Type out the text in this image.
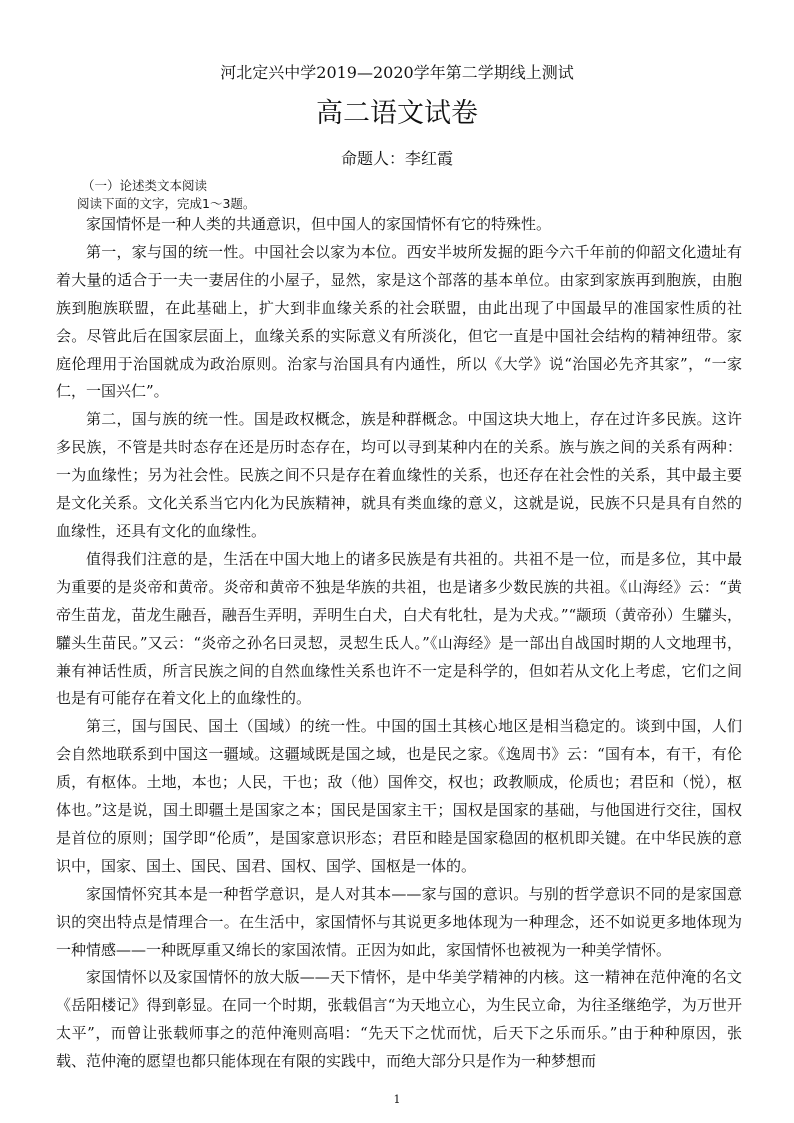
河北定兴中学2019—2020学年第二学期线上测试
高二语文试卷
命题人：李红霞
（一）论述类文本阅读
阅读下面的文字，完成1～3题。

家国情怀是一种人类的共通意识，但中国人的家国情怀有它的特殊性。

第一，家与国的统一性。中国社会以家为本位。西安半坡所发掘的距今六千年前的仰韶文化遗址有着大量的适合于一夫一妻居住的小屋子，显然，家是这个部落的基本单位。由家到家族再到胞族，由胞族到胞族联盟，在此基础上，扩大到非血缘关系的社会联盟，由此出现了中国最早的准国家性质的社会。尽管此后在国家层面上，血缘关系的实际意义有所淡化，但它一直是中国社会结构的精神纽带。家庭伦理用于治国就成为政治原则。治家与治国具有内通性，所以《大学》说“治国必先齐其家”，“一家仁，一国兴仁”。

第二，国与族的统一性。国是政权概念，族是种群概念。中国这块大地上，存在过许多民族。这许多民族，不管是共时态存在还是历时态存在，均可以寻到某种内在的关系。族与族之间的关系有两种：一为血缘性；另为社会性。民族之间不只是存在着血缘性的关系，也还存在社会性的关系，其中最主要是文化关系。文化关系当它内化为民族精神，就具有类血缘的意义，这就是说，民族不只是具有自然的血缘性，还具有文化的血缘性。

值得我们注意的是，生活在中国大地上的诸多民族是有共祖的。共祖不是一位，而是多位，其中最为重要的是炎帝和黄帝。炎帝和黄帝不独是华族的共祖，也是诸多少数民族的共祖。《山海经》云：“黄帝生苗龙，苗龙生融吾，融吾生弄明，弄明生白犬，白犬有牝牡，是为犬戎。”“颛顼（黄帝孙）生驩头，驩头生苗民。”又云：“炎帝之孙名曰灵恝，灵恝生氐人。”《山海经》是一部出自战国时期的人文地理书，兼有神话性质，所言民族之间的自然血缘性关系也许不一定是科学的，但如若从文化上考虑，它们之间也是有可能存在着文化上的血缘性的。

第三，国与国民、国土（国域）的统一性。中国的国土其核心地区是相当稳定的。谈到中国，人们会自然地联系到中国这一疆域。这疆域既是国之域，也是民之家。《逸周书》云：“国有本，有干，有伦质，有枢体。土地，本也；人民，干也；敌（他）国侔交，权也；政教顺成，伦质也；君臣和（悦），枢体也。”这是说，国土即疆土是国家之本；国民是国家主干；国权是国家的基础，与他国进行交往，国权是首位的原则；国学即“伦质”，是国家意识形态；君臣和睦是国家稳固的枢机即关键。在中华民族的意识中，国家、国土、国民、国君、国权、国学、国枢是一体的。

家国情怀究其本是一种哲学意识，是人对其本——家与国的意识。与别的哲学意识不同的是家国意识的突出特点是情理合一。在生活中，家国情怀与其说更多地体现为一种理念，还不如说更多地体现为一种情感——一种既厚重又绵长的家国浓情。正因为如此，家国情怀也被视为一种美学情怀。

家国情怀以及家国情怀的放大版——天下情怀，是中华美学精神的内核。这一精神在范仲淹的名文《岳阳楼记》得到彰显。在同一个时期，张载倡言“为天地立心，为生民立命，为往圣继绝学，为万世开太平”，而曾让张载师事之的范仲淹则高唱：“先天下之忧而忧，后天下之乐而乐。”由于种种原因，张载、范仲淹的愿望也都只能体现在有限的实践中，而绝大部分只是作为一种梦想而

1
